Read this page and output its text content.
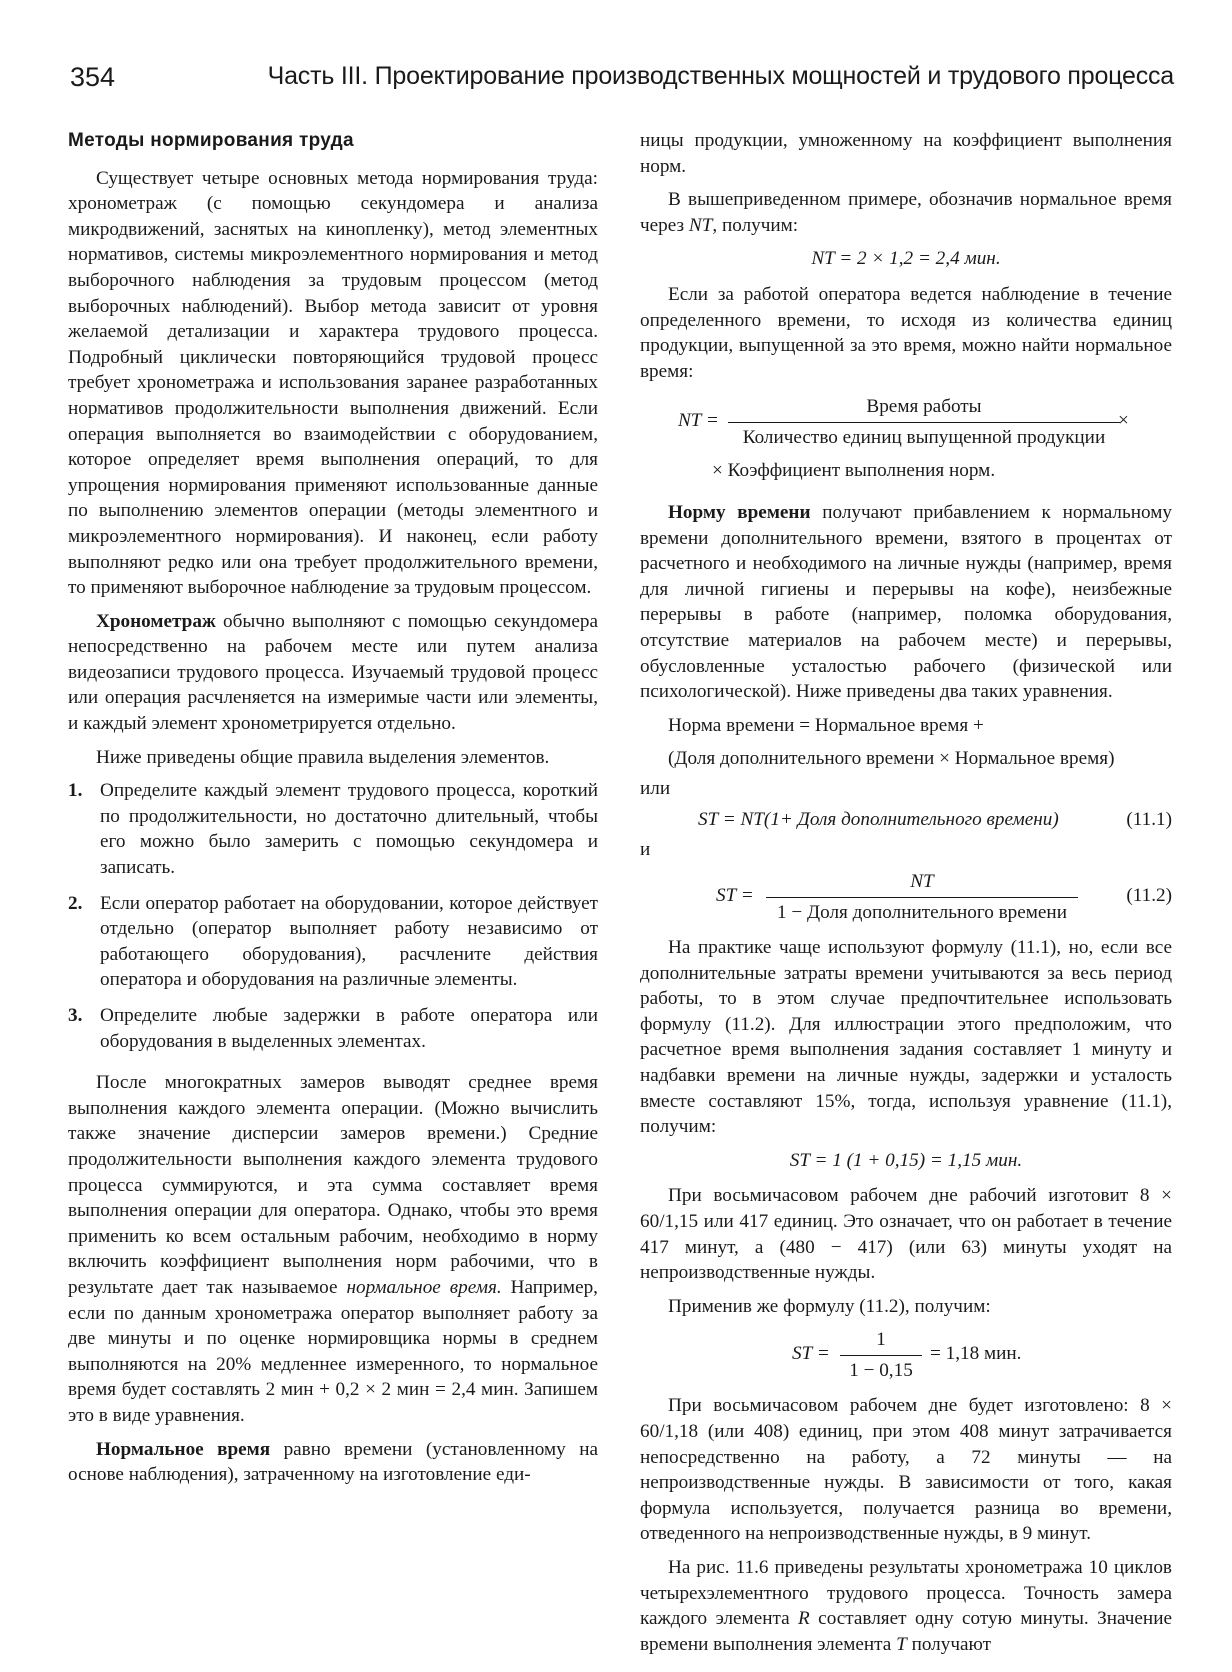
354	Часть III. Проектирование производственных мощностей и трудового процесса
Методы нормирования труда

Существует четыре основных метода нормирования труда: хронометраж (с помощью секундомера и анализа микродвижений, заснятых на кинопленку), метод элементных нормативов, системы микроэлементного нормирования и метод выборочного наблюдения за трудовым процессом (метод выборочных наблюдений). Выбор метода зависит от уровня желаемой детализации и характера трудового процесса. Подробный циклически повторяющийся трудовой процесс требует хронометража и использования заранее разработанных нормативов продолжительности выполнения движений. Если операция выполняется во взаимодействии с оборудованием, которое определяет время выполнения операций, то для упрощения нормирования применяют использованные данные по выполнению элементов операции (методы элементного и микроэлементного нормирования). И наконец, если работу выполняют редко или она требует продолжительного времени, то применяют выборочное наблюдение за трудовым процессом.

Хронометраж обычно выполняют с помощью секундомера непосредственно на рабочем месте или путем анализа видеозаписи трудового процесса. Изучаемый трудовой процесс или операция расчленяется на измеримые части или элементы, и каждый элемент хронометрируется отдельно.

Ниже приведены общие правила выделения элементов.

1. Определите каждый элемент трудового процесса, короткий по продолжительности, но достаточно длительный, чтобы его можно было замерить с помощью секундомера и записать.
2. Если оператор работает на оборудовании, которое действует отдельно (оператор выполняет работу независимо от работающего оборудования), расчлените действия оператора и оборудования на различные элементы.
3. Определите любые задержки в работе оператора или оборудования в выделенных элементах.

После многократных замеров выводят среднее время выполнения каждого элемента операции. (Можно вычислить также значение дисперсии замеров времени.) Средние продолжительности выполнения каждого элемента трудового процесса суммируются, и эта сумма составляет время выполнения операции для оператора. Однако, чтобы это время применить ко всем остальным рабочим, необходимо в норму включить коэффициент выполнения норм рабочими, что в результате дает так называемое нормальное время. Например, если по данным хронометража оператор выполняет работу за две минуты и по оценке нормировщика нормы в среднем выполняются на 20% медленнее измеренного, то нормальное время будет составлять 2 мин + 0,2 × 2 мин = 2,4 мин. Запишем это в виде уравнения.

Нормальное время равно времени (установленному на основе наблюдения), затраченному на изготовление еди-

ницы продукции, умноженному на коэффициент выполнения норм.

В вышеприведенном примере, обозначив нормальное время через NT, получим:

NT = 2 × 1,2 = 2,4 мин.

Если за работой оператора ведется наблюдение в течение определенного времени, то исходя из количества единиц продукции, выпущенной за это время, можно найти нормальное время:

NT =
Время работы
Количество единиц выпущенной продукции
×
× Коэффициент выполнения норм.

Норму времени получают прибавлением к нормальному времени дополнительного времени, взятого в процентах от расчетного и необходимого на личные нужды (например, время для личной гигиены и перерывы на кофе), неизбежные перерывы в работе (например, поломка оборудования, отсутствие материалов на рабочем месте) и перерывы, обусловленные усталостью рабочего (физической или психологической). Ниже приведены два таких уравнения.

Норма времени = Нормальное время +
(Доля дополнительного времени × Нормальное время)
или
ST = NT(1+ Доля дополнительного времени)	(11.1)
и
ST =
NT
1 − Доля дополнительного времени
(11.2)

На практике чаще используют формулу (11.1), но, если все дополнительные затраты времени учитываются за весь период работы, то в этом случае предпочтительнее использовать формулу (11.2). Для иллюстрации этого предположим, что расчетное время выполнения задания составляет 1 минуту и надбавки времени на личные нужды, задержки и усталость вместе составляют 15%, тогда, используя уравнение (11.1), получим:

ST = 1 (1 + 0,15) = 1,15 мин.

При восьмичасовом рабочем дне рабочий изготовит 8 × 60/1,15 или 417 единиц. Это означает, что он работает в течение 417 минут, а (480 − 417) (или 63) минуты уходят на непроизводственные нужды.

Применив же формулу (11.2), получим:

ST = $\frac{1}{1 - 0,15} = 1,18$ мин.

При восьмичасовом рабочем дне будет изготовлено: 8 × 60/1,18 (или 408) единиц, при этом 408 минут затрачивается непосредственно на работу, а 72 минуты — на непроизводственные нужды. В зависимости от того, какая формула используется, получается разница во времени, отведенного на непроизводственные нужды, в 9 минут.

На рис. 11.6 приведены результаты хронометража 10 циклов четырехэлементного трудового процесса. Точность замера каждого элемента R составляет одну сотую минуты. Значение времени выполнения элемента T получают
